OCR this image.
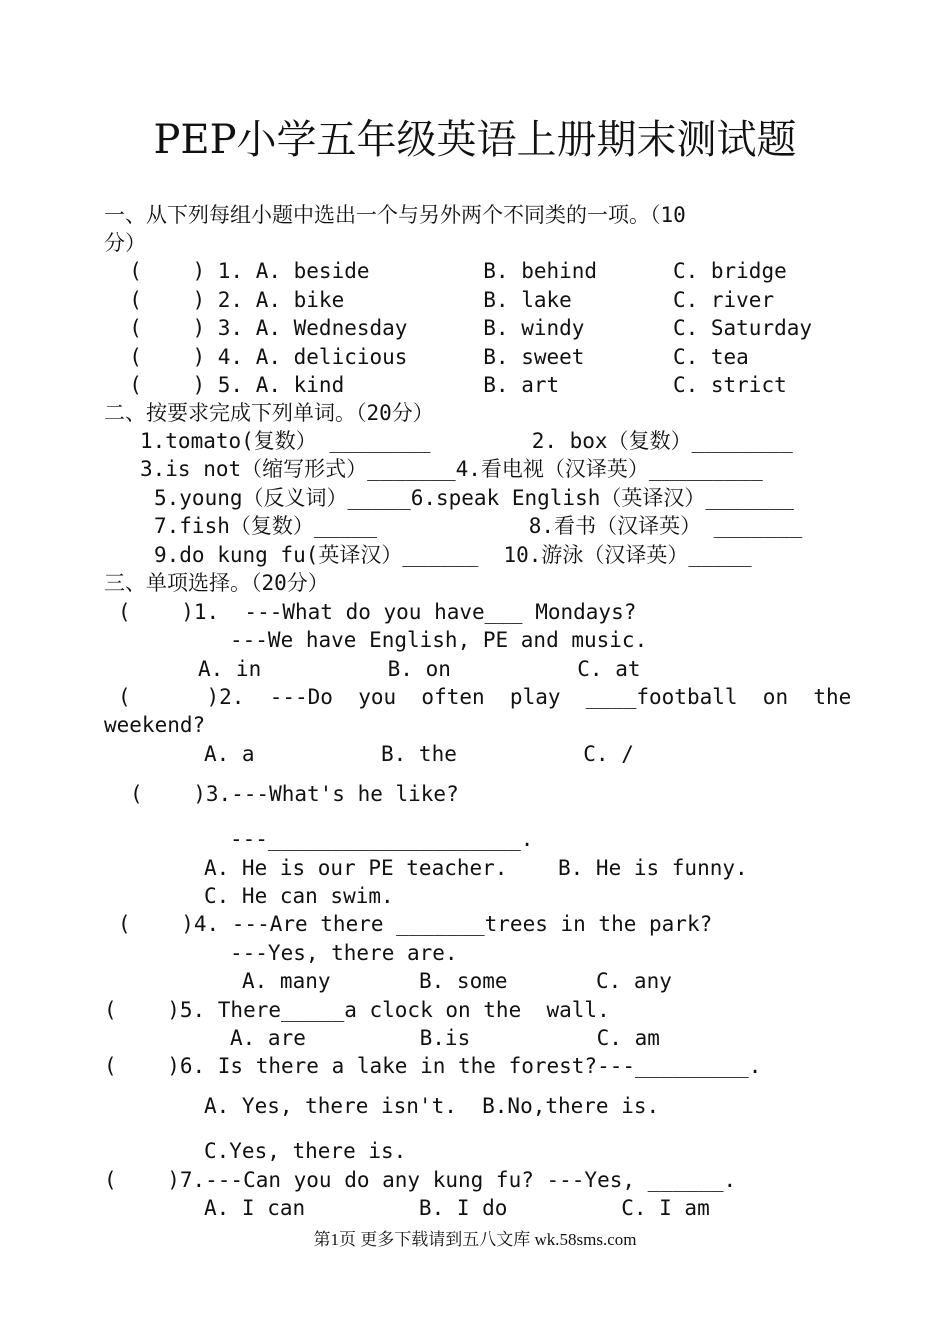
PEP小学五年级英语上册期末测试题
一、从下列每组小题中选出一个与另外两个不同类的一项。（10
分）
(    ) 1. A. beside         B. behind      C. bridge
(    ) 2. A. bike           B. lake        C. river
(    ) 3. A. Wednesday      B. windy       C. Saturday
(    ) 4. A. delicious      B. sweet       C. tea
(    ) 5. A. kind           B. art         C. strict
二、按要求完成下列单词。（20分）
1.tomato(复数） ________        2. box（复数）________
3.is not（缩写形式）_______4.看电视（汉译英）_________
5.young（反义词）_____6.speak English（英译汉）_______
7.fish（复数）_____            8.看书（汉译英） _______
9.do kung fu(英译汉）______  10.游泳（汉译英）_____
三、单项选择。（20分）
(    )1.  ---What do you have___ Mondays?
---We have English, PE and music.
A. in          B. on          C. at
(      )2.  ---Do  you  often  play  ____football  on  the
weekend?
A. a          B. the          C. /
(    )3.---What's he like?
---____________________.
A. He is our PE teacher.    B. He is funny.
C. He can swim.
(    )4. ---Are there _______trees in the park?
---Yes, there are.
A. many       B. some       C. any
(    )5. There_____a clock on the  wall.
A. are         B.is          C. am
(    )6. Is there a lake in the forest?---_________.
A. Yes, there isn't.  B.No,there is.
C.Yes, there is.
(    )7.---Can you do any kung fu? ---Yes, ______.
A. I can         B. I do         C. I am
第1页 更多下载请到五八文库 wk.58sms.com
